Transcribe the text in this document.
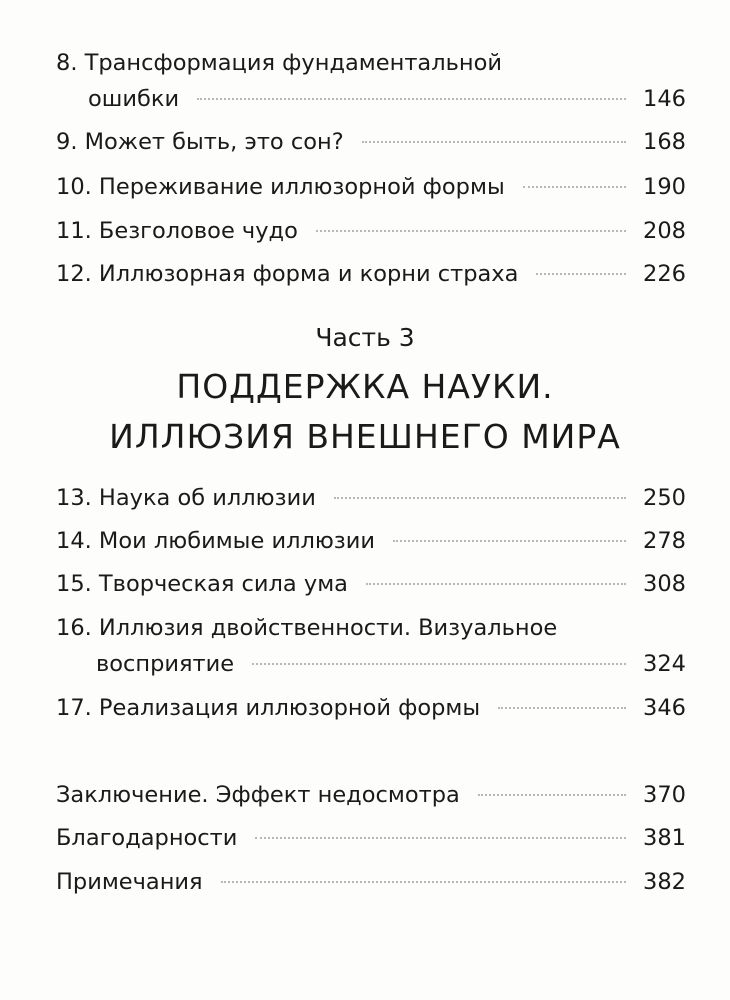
8. Трансформация фундаментальной
ошибки	146
9. Может быть, это сон?	168
10. Переживание иллюзорной формы	190
11. Безголовое чудо	208
12. Иллюзорная форма и корни страха	226
Часть 3
ПОДДЕРЖКА НАУКИ.
ИЛЛЮЗИЯ ВНЕШНЕГО МИРА
13. Наука об иллюзии	250
14. Мои любимые иллюзии	278
15. Творческая сила ума	308
16. Иллюзия двойственности. Визуальное
восприятие	324
17. Реализация иллюзорной формы	346
Заключение. Эффект недосмотра	370
Благодарности	381
Примечания	382
